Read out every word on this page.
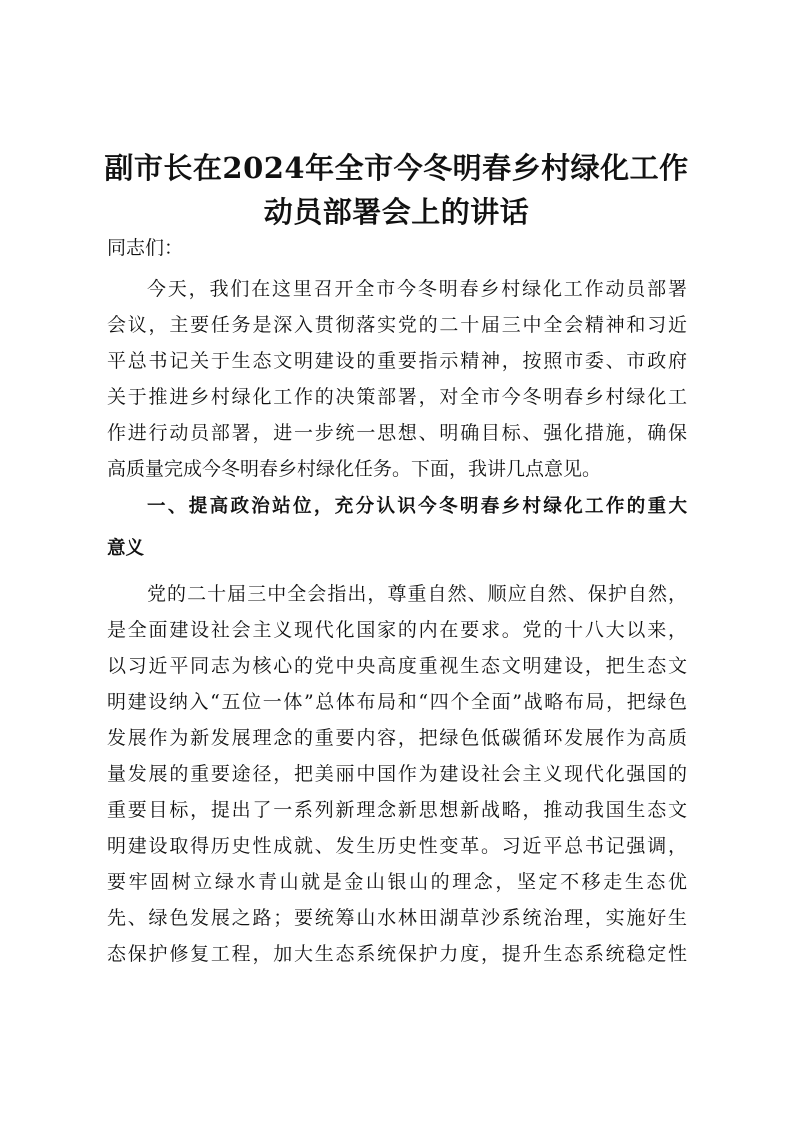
副市长在2024年全市今冬明春乡村绿化工作
动员部署会上的讲话

同志们：

今天，我们在这里召开全市今冬明春乡村绿化工作动员部署

会议，主要任务是深入贯彻落实党的二十届三中全会精神和习近

平总书记关于生态文明建设的重要指示精神，按照市委、市政府

关于推进乡村绿化工作的决策部署，对全市今冬明春乡村绿化工

作进行动员部署，进一步统一思想、明确目标、强化措施，确保

高质量完成今冬明春乡村绿化任务。下面，我讲几点意见。

一、提高政治站位，充分认识今冬明春乡村绿化工作的重大

意义

党的二十届三中全会指出，尊重自然、顺应自然、保护自然，

是全面建设社会主义现代化国家的内在要求。党的十八大以来，

以习近平同志为核心的党中央高度重视生态文明建设，把生态文

明建设纳入“五位一体”总体布局和“四个全面”战略布局，把绿色

发展作为新发展理念的重要内容，把绿色低碳循环发展作为高质

量发展的重要途径，把美丽中国作为建设社会主义现代化强国的

重要目标，提出了一系列新理念新思想新战略，推动我国生态文

明建设取得历史性成就、发生历史性变革。习近平总书记强调，

要牢固树立绿水青山就是金山银山的理念，坚定不移走生态优

先、绿色发展之路；要统筹山水林田湖草沙系统治理，实施好生

态保护修复工程，加大生态系统保护力度，提升生态系统稳定性
